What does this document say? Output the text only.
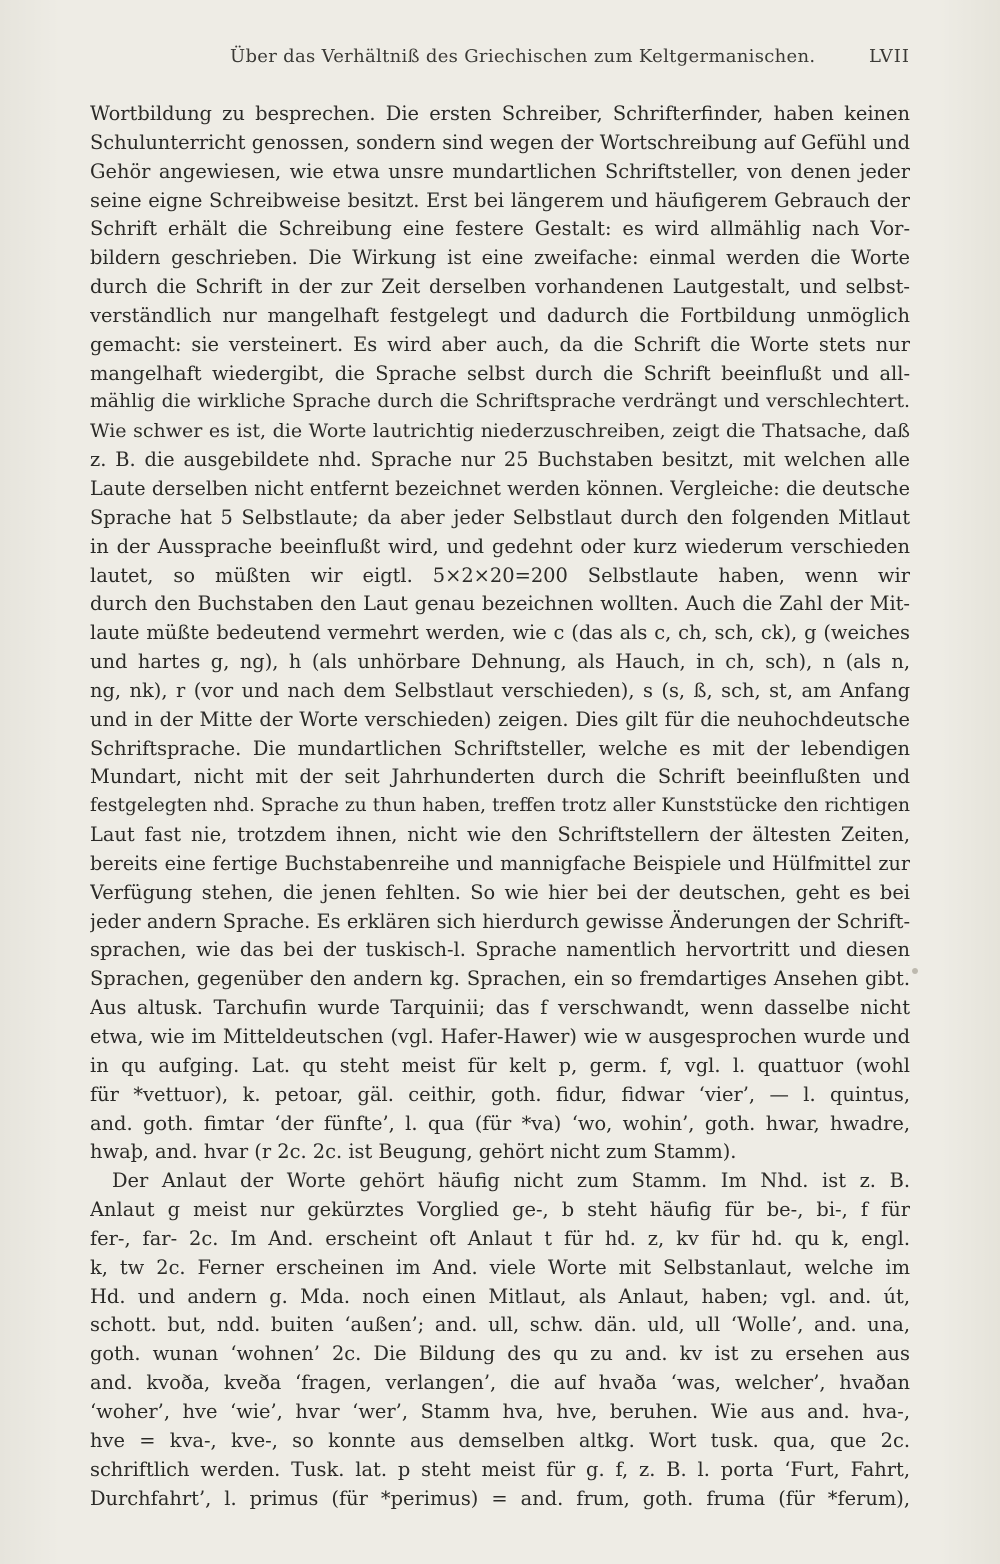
Über das Verhältniß des Griechischen zum Keltgermanischen.	LVII
Wortbildung zu besprechen. Die ersten Schreiber, Schrifterfinder, haben keinen
Schulunterricht genossen, sondern sind wegen der Wortschreibung auf Gefühl und
Gehör angewiesen, wie etwa unsre mundartlichen Schriftsteller, von denen jeder
seine eigne Schreibweise besitzt. Erst bei längerem und häufigerem Gebrauch der
Schrift erhält die Schreibung eine festere Gestalt: es wird allmählig nach Vor-
bildern geschrieben. Die Wirkung ist eine zweifache: einmal werden die Worte
durch die Schrift in der zur Zeit derselben vorhandenen Lautgestalt, und selbst-
verständlich nur mangelhaft festgelegt und dadurch die Fortbildung unmöglich
gemacht: sie versteinert. Es wird aber auch, da die Schrift die Worte stets nur
mangelhaft wiedergibt, die Sprache selbst durch die Schrift beeinflußt und all-
mählig die wirkliche Sprache durch die Schriftsprache verdrängt und verschlechtert.
Wie schwer es ist, die Worte lautrichtig niederzuschreiben, zeigt die Thatsache, daß
z. B. die ausgebildete nhd. Sprache nur 25 Buchstaben besitzt, mit welchen alle
Laute derselben nicht entfernt bezeichnet werden können. Vergleiche: die deutsche
Sprache hat 5 Selbstlaute; da aber jeder Selbstlaut durch den folgenden Mitlaut
in der Aussprache beeinflußt wird, und gedehnt oder kurz wiederum verschieden
lautet, so müßten wir eigtl. 5×2×20=200 Selbstlaute haben, wenn wir
durch den Buchstaben den Laut genau bezeichnen wollten. Auch die Zahl der Mit-
laute müßte bedeutend vermehrt werden, wie c (das als c, ch, sch, ck), g (weiches
und hartes g, ng), h (als unhörbare Dehnung, als Hauch, in ch, sch), n (als n,
ng, nk), r (vor und nach dem Selbstlaut verschieden), s (s, ß, sch, st, am Anfang
und in der Mitte der Worte verschieden) zeigen. Dies gilt für die neuhochdeutsche
Schriftsprache. Die mundartlichen Schriftsteller, welche es mit der lebendigen
Mundart, nicht mit der seit Jahrhunderten durch die Schrift beeinflußten und
festgelegten nhd. Sprache zu thun haben, treffen trotz aller Kunststücke den richtigen
Laut fast nie, trotzdem ihnen, nicht wie den Schriftstellern der ältesten Zeiten,
bereits eine fertige Buchstabenreihe und mannigfache Beispiele und Hülfmittel zur
Verfügung stehen, die jenen fehlten. So wie hier bei der deutschen, geht es bei
jeder andern Sprache. Es erklären sich hierdurch gewisse Änderungen der Schrift-
sprachen, wie das bei der tuskisch-l. Sprache namentlich hervortritt und diesen
Sprachen, gegenüber den andern kg. Sprachen, ein so fremdartiges Ansehen gibt.
Aus altusk. Tarchufin wurde Tarquinii; das f verschwandt, wenn dasselbe nicht
etwa, wie im Mitteldeutschen (vgl. Hafer-Hawer) wie w ausgesprochen wurde und
in qu aufging. Lat. qu steht meist für kelt p, germ. f, vgl. l. quattuor (wohl
für *vettuor), k. petoar, gäl. ceithir, goth. fidur, fidwar ‘vier’, — l. quintus,
and. goth. fimtar ‘der fünfte’, l. qua (für *va) ‘wo, wohin’, goth. hwar, hwadre,
hwaþ, and. hvar (r 2c. 2c. ist Beugung, gehört nicht zum Stamm).
Der Anlaut der Worte gehört häufig nicht zum Stamm. Im Nhd. ist z. B.
Anlaut g meist nur gekürztes Vorglied ge-, b steht häufig für be-, bi-, f für
fer-, far- 2c. Im And. erscheint oft Anlaut t für hd. z, kv für hd. qu k, engl.
k, tw 2c. Ferner erscheinen im And. viele Worte mit Selbstanlaut, welche im
Hd. und andern g. Mda. noch einen Mitlaut, als Anlaut, haben; vgl. and. út,
schott. but, ndd. buiten ‘außen’; and. ull, schw. dän. uld, ull ‘Wolle’, and. una,
goth. wunan ‘wohnen’ 2c. Die Bildung des qu zu and. kv ist zu ersehen aus
and. kvoða, kveða ‘fragen, verlangen’, die auf hvaða ‘was, welcher’, hvaðan
‘woher’, hve ‘wie’, hvar ‘wer’, Stamm hva, hve, beruhen. Wie aus and. hva-,
hve = kva-, kve-, so konnte aus demselben altkg. Wort tusk. qua, que 2c.
schriftlich werden. Tusk. lat. p steht meist für g. f, z. B. l. porta ‘Furt, Fahrt,
Durchfahrt’, l. primus (für *perimus) = and. frum, goth. fruma (für *ferum),
